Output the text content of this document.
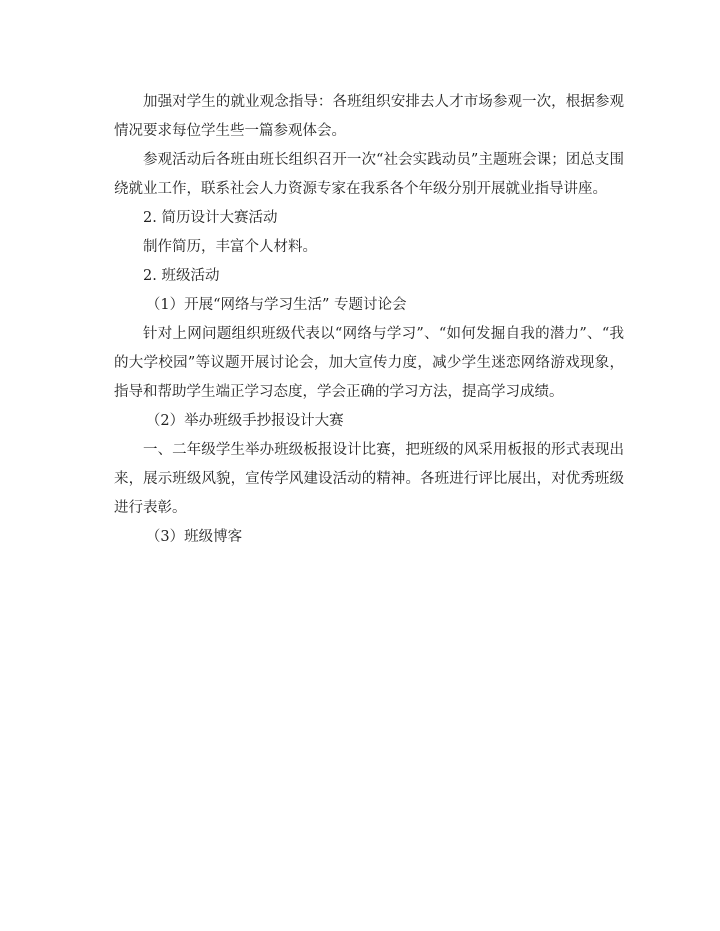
加强对学生的就业观念指导：各班组织安排去人才市场参观一次，根据参观情况要求每位学生些一篇参观体会。

参观活动后各班由班长组织召开一次“社会实践动员”主题班会课；团总支围绕就业工作，联系社会人力资源专家在我系各个年级分别开展就业指导讲座。

2. 简历设计大赛活动

制作简历，丰富个人材料。

2. 班级活动

（1）开展“网络与学习生活” 专题讨论会

针对上网问题组织班级代表以“网络与学习”、“如何发掘自我的潜力”、“我的大学校园”等议题开展讨论会，加大宣传力度，减少学生迷恋网络游戏现象，指导和帮助学生端正学习态度，学会正确的学习方法，提高学习成绩。

（2）举办班级手抄报设计大赛

一、二年级学生举办班级板报设计比赛，把班级的风采用板报的形式表现出来，展示班级风貌，宣传学风建设活动的精神。各班进行评比展出，对优秀班级进行表彰。

（3）班级博客
